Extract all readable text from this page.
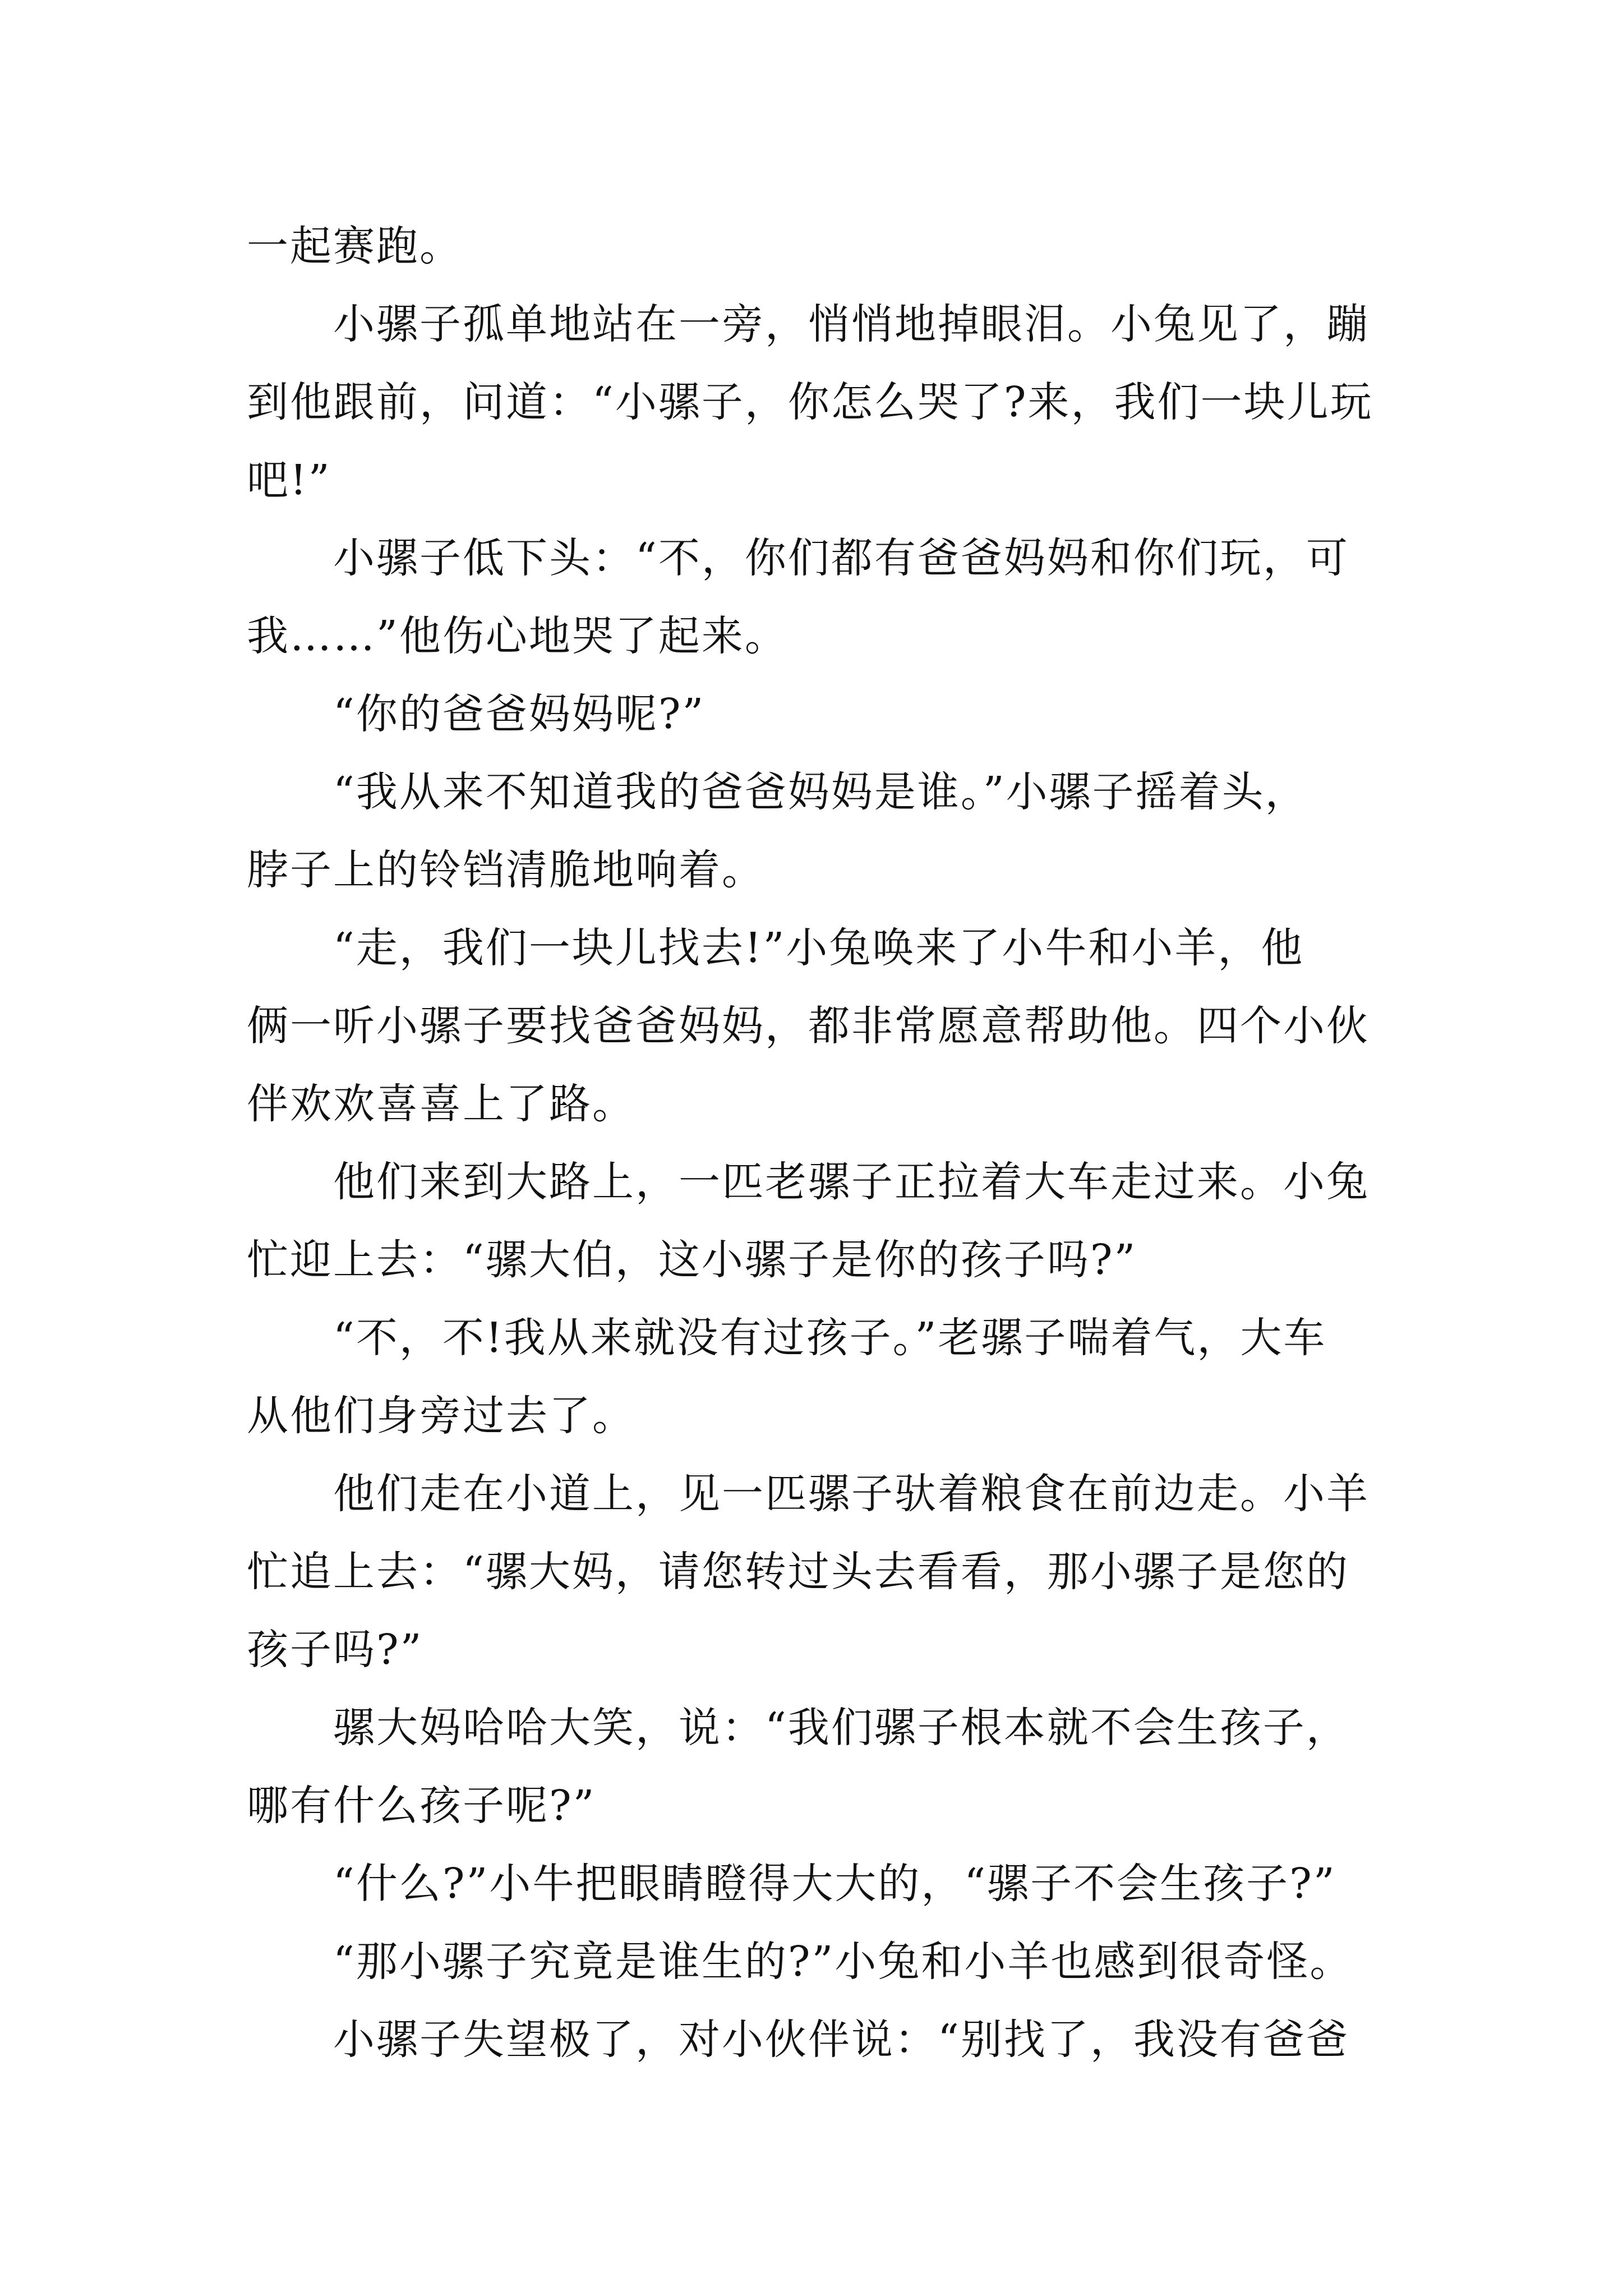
一起赛跑。
　　小骡子孤单地站在一旁，悄悄地掉眼泪。小兔见了，蹦
到他跟前，问道：“小骡子，你怎么哭了?来，我们一块儿玩
吧!”
　　小骡子低下头：“不，你们都有爸爸妈妈和你们玩，可
我……”他伤心地哭了起来。
　　“你的爸爸妈妈呢?”
　　“我从来不知道我的爸爸妈妈是谁。”小骡子摇着头，
脖子上的铃铛清脆地响着。
　　“走，我们一块儿找去!”小兔唤来了小牛和小羊，他
俩一听小骡子要找爸爸妈妈，都非常愿意帮助他。四个小伙
伴欢欢喜喜上了路。
　　他们来到大路上，一匹老骡子正拉着大车走过来。小兔
忙迎上去：“骡大伯，这小骡子是你的孩子吗?”
　　“不，不!我从来就没有过孩子。”老骡子喘着气，大车
从他们身旁过去了。
　　他们走在小道上，见一匹骡子驮着粮食在前边走。小羊
忙追上去：“骡大妈，请您转过头去看看，那小骡子是您的
孩子吗?”
　　骡大妈哈哈大笑，说：“我们骡子根本就不会生孩子，
哪有什么孩子呢?”
　　“什么?”小牛把眼睛瞪得大大的，“骡子不会生孩子?”
　　“那小骡子究竟是谁生的?”小兔和小羊也感到很奇怪。
　　小骡子失望极了，对小伙伴说：“别找了，我没有爸爸
